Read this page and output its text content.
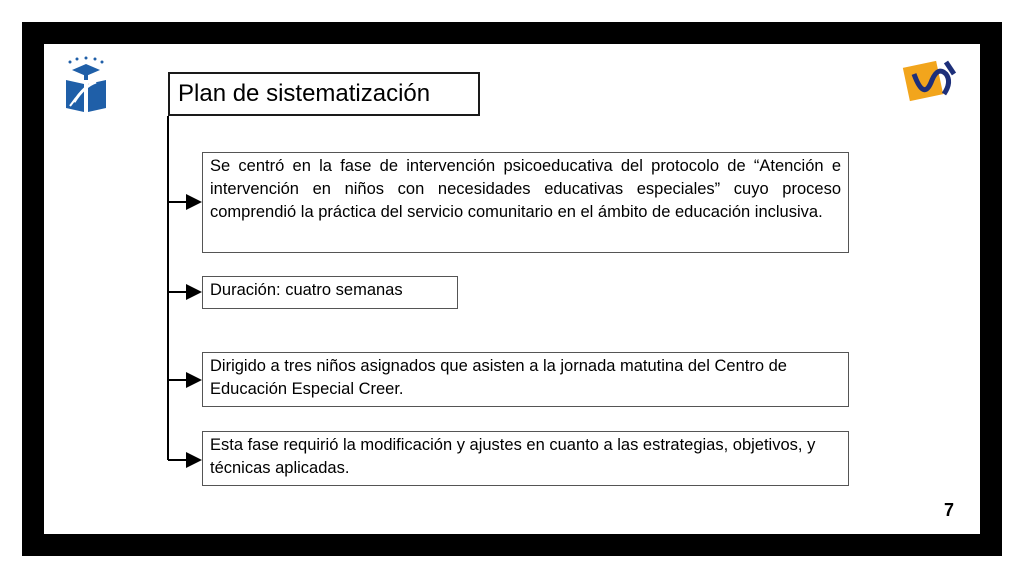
Plan de sistematización
Se centró en la fase de intervención psicoeducativa del protocolo de “Atención e intervención en niños con necesidades educativas especiales” cuyo proceso comprendió la práctica del servicio comunitario en el ámbito de educación inclusiva.
Duración: cuatro semanas
Dirigido a tres niños asignados que asisten a la jornada matutina del Centro de Educación Especial Creer.
Esta fase requirió la modificación y ajustes en cuanto a las estrategias, objetivos, y técnicas aplicadas.
7
